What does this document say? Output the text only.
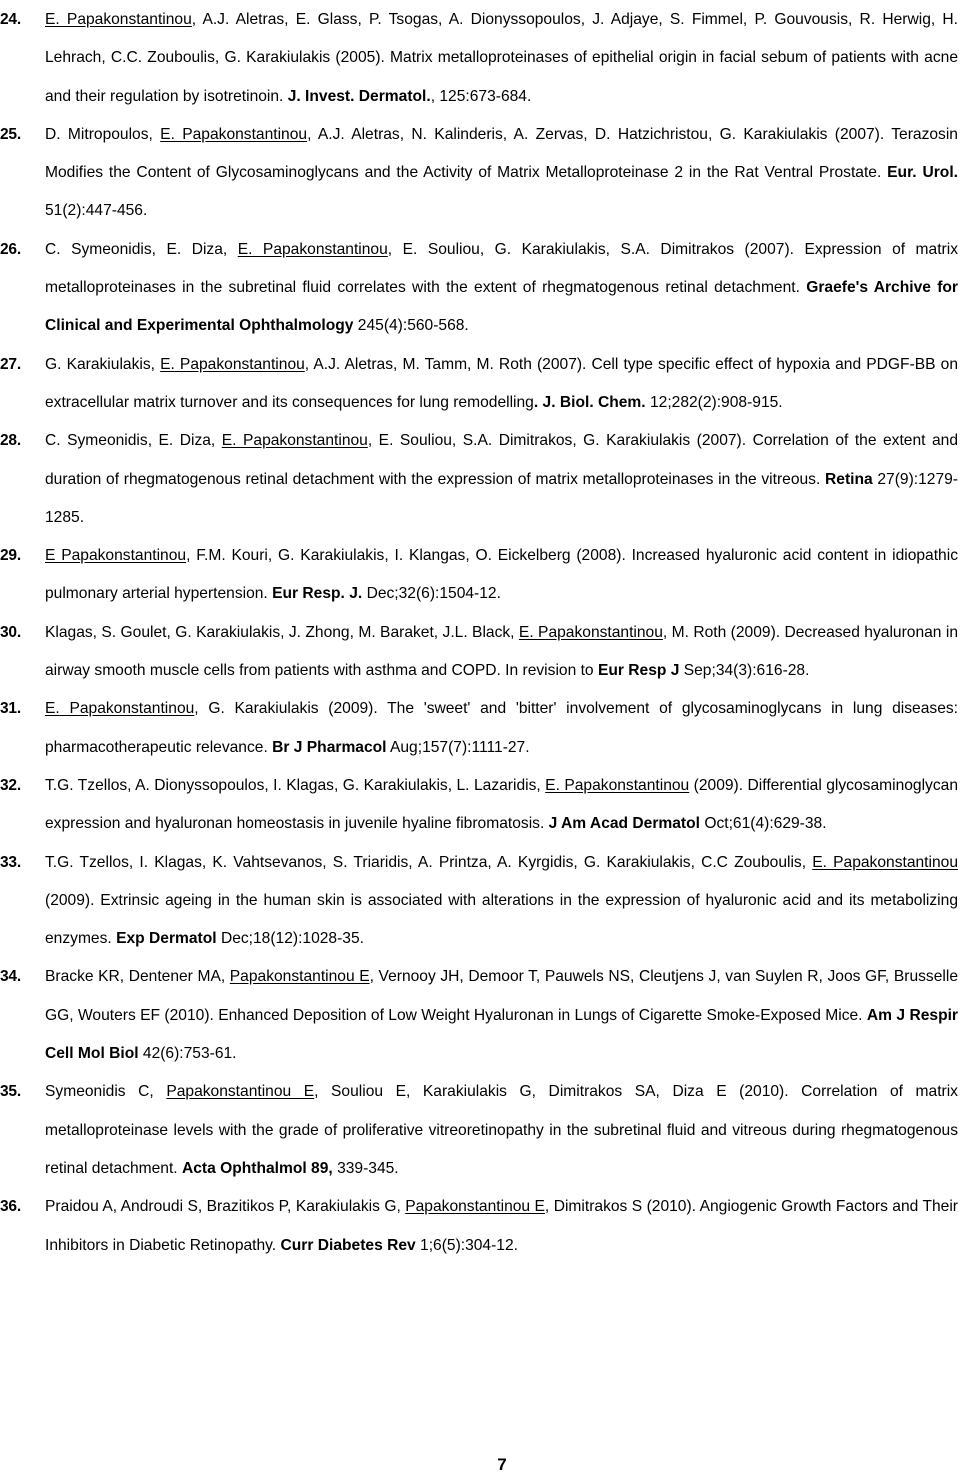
24. E. Papakonstantinou, A.J. Aletras, E. Glass, P. Tsogas, A. Dionyssopoulos, J. Adjaye, S. Fimmel, P. Gouvousis, R. Herwig, H. Lehrach, C.C. Zouboulis, G. Karakiulakis (2005). Matrix metalloproteinases of epithelial origin in facial sebum of patients with acne and their regulation by isotretinoin. J. Invest. Dermatol., 125:673-684.
25. D. Mitropoulos, E. Papakonstantinou, A.J. Aletras, N. Kalinderis, A. Zervas, D. Hatzichristou, G. Karakiulakis (2007). Terazosin Modifies the Content of Glycosaminoglycans and the Activity of Matrix Metalloproteinase 2 in the Rat Ventral Prostate. Eur. Urol. 51(2):447-456.
26. C. Symeonidis, E. Diza, E. Papakonstantinou, E. Souliou, G. Karakiulakis, S.A. Dimitrakos (2007). Expression of matrix metalloproteinases in the subretinal fluid correlates with the extent of rhegmatogenous retinal detachment. Graefe's Archive for Clinical and Experimental Ophthalmology 245(4):560-568.
27. G. Karakiulakis, E. Papakonstantinou, A.J. Aletras, M. Tamm, M. Roth (2007). Cell type specific effect of hypoxia and PDGF-BB on extracellular matrix turnover and its consequences for lung remodelling. J. Biol. Chem. 12;282(2):908-915.
28. C. Symeonidis, E. Diza, E. Papakonstantinou, E. Souliou, S.A. Dimitrakos, G. Karakiulakis (2007). Correlation of the extent and duration of rhegmatogenous retinal detachment with the expression of matrix metalloproteinases in the vitreous. Retina 27(9):1279-1285.
29. E Papakonstantinou, F.M. Kouri, G. Karakiulakis, I. Klangas, O. Eickelberg (2008). Increased hyaluronic acid content in idiopathic pulmonary arterial hypertension. Eur Resp. J. Dec;32(6):1504-12.
30. Klagas, S. Goulet, G. Karakiulakis, J. Zhong, M. Baraket, J.L. Black, E. Papakonstantinou, M. Roth (2009). Decreased hyaluronan in airway smooth muscle cells from patients with asthma and COPD. In revision to Eur Resp J Sep;34(3):616-28.
31. E. Papakonstantinou, G. Karakiulakis (2009). The 'sweet' and 'bitter' involvement of glycosaminoglycans in lung diseases: pharmacotherapeutic relevance. Br J Pharmacol Aug;157(7):1111-27.
32. T.G. Tzellos, A. Dionyssopoulos, I. Klagas, G. Karakiulakis, L. Lazaridis, E. Papakonstantinou (2009). Differential glycosaminoglycan expression and hyaluronan homeostasis in juvenile hyaline fibromatosis. J Am Acad Dermatol Oct;61(4):629-38.
33. T.G. Tzellos, I. Klagas, K. Vahtsevanos, S. Triaridis, A. Printza, A. Kyrgidis, G. Karakiulakis, C.C Zouboulis, E. Papakonstantinou (2009). Extrinsic ageing in the human skin is associated with alterations in the expression of hyaluronic acid and its metabolizing enzymes. Exp Dermatol Dec;18(12):1028-35.
34. Bracke KR, Dentener MA, Papakonstantinou E, Vernooy JH, Demoor T, Pauwels NS, Cleutjens J, van Suylen R, Joos GF, Brusselle GG, Wouters EF (2010). Enhanced Deposition of Low Weight Hyaluronan in Lungs of Cigarette Smoke-Exposed Mice. Am J Respir Cell Mol Biol 42(6):753-61.
35. Symeonidis C, Papakonstantinou E, Souliou E, Karakiulakis G, Dimitrakos SA, Diza E (2010). Correlation of matrix metalloproteinase levels with the grade of proliferative vitreoretinopathy in the subretinal fluid and vitreous during rhegmatogenous retinal detachment. Acta Ophthalmol 89, 339-345.
36. Praidou A, Androudi S, Brazitikos P, Karakiulakis G, Papakonstantinou E, Dimitrakos S (2010). Angiogenic Growth Factors and Their Inhibitors in Diabetic Retinopathy. Curr Diabetes Rev 1;6(5):304-12.
7
